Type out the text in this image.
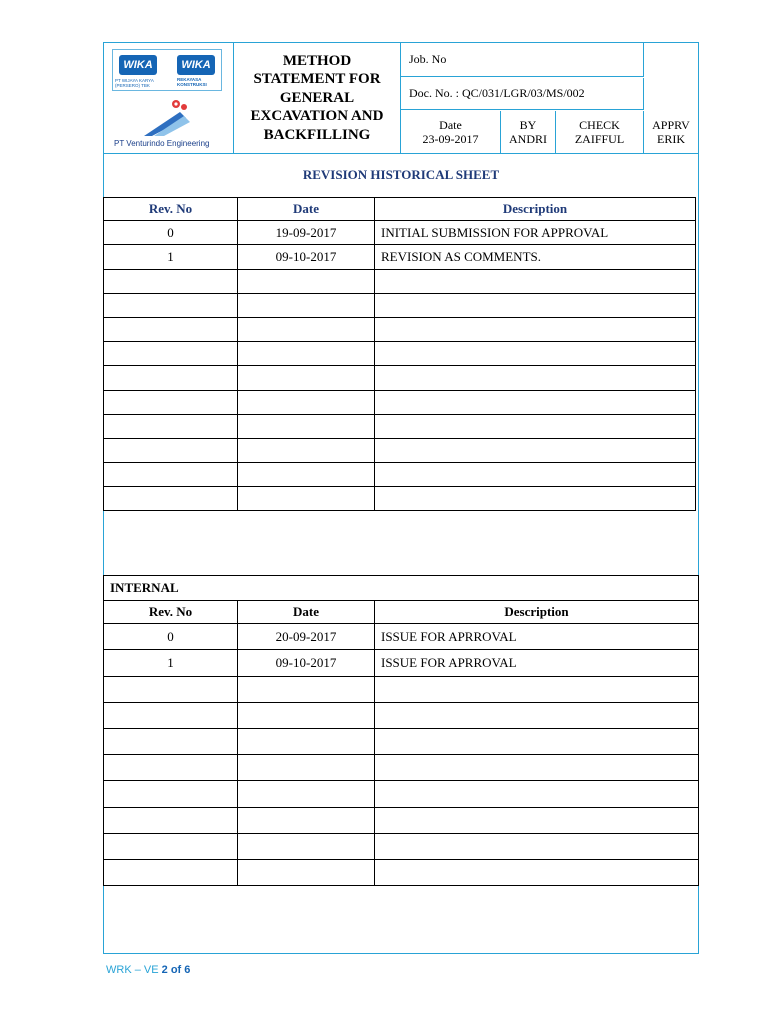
WIKA
PT WIJAYA KARYA (PERSERO) TBK
WIKA
REKAYASA KONSTRUKSI
PT Venturindo Engineering
METHOD
STATEMENT FOR
GENERAL
EXCAVATION AND
BACKFILLING
Job. No
Doc. No. : QC/031/LGR/03/MS/002
Date
23-09-2017
BY
ANDRI
CHECK
ZAIFFUL
APPRV
ERIK
REVISION HISTORICAL SHEET
Rev. No	Date	Description
0	19-09-2017	INITIAL SUBMISSION FOR APPROVAL
1	09-10-2017	REVISION AS COMMENTS.

INTERNAL		
Rev. No	Date	Description
0	20-09-2017	ISSUE FOR APRROVAL
1	09-10-2017	ISSUE FOR APRROVAL

WRK – VE 2 of 6
